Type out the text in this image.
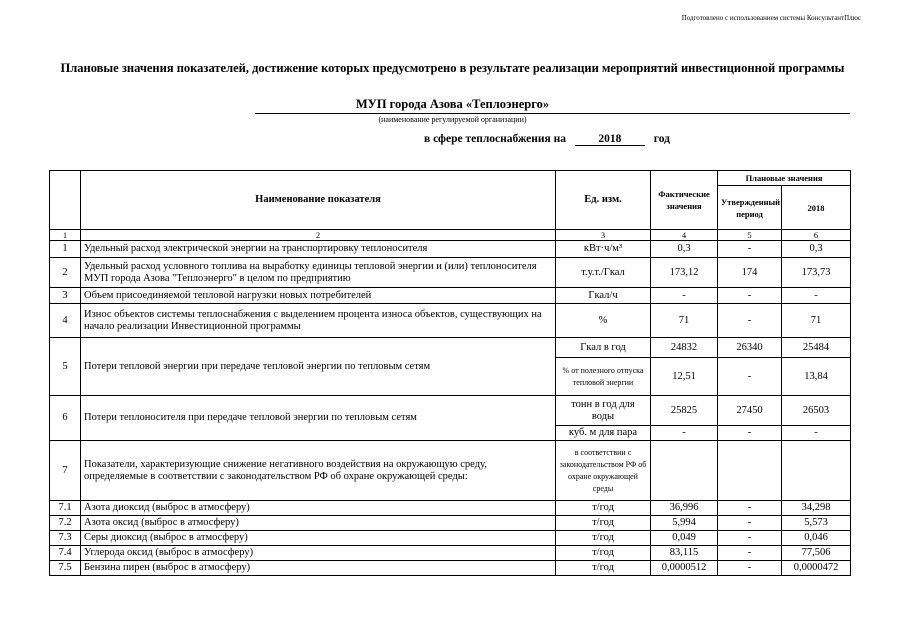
Подготовлено с использованием системы КонсультантПлюс
Плановые значения показателей, достижение которых предусмотрено в результате реализации мероприятий инвестиционной программы
МУП города Азова «Теплоэнерго»
(наименование регулируемой организации)
в сфере теплоснабжения на	2018	год
	Наименование показателя	Ед. изм.	Фактические значения	Плановые значения	
				Утвержденный период	2018
1	2	3	4	5	6
1	Удельный расход электрической энергии на транспортировку теплоносителя	кВт·ч/м³	0,3	-	0,3
2	Удельный расход условного топлива на выработку единицы тепловой энергии и (или) теплоносителя МУП города Азова "Теплоэнерго" в целом по предприятию	т.у.т./Гкал	173,12	174	173,73
3	Объем присоединяемой тепловой нагрузки новых потребителей	Гкал/ч	-	-	-
4	Износ объектов системы теплоснабжения с выделением процента износа объектов, существующих на начало реализации Инвестиционной программы	%	71	-	71
5	Потери тепловой энергии при передаче тепловой энергии по тепловым сетям	Гкал в год	24832	26340	25484
		% от полезного отпуска тепловой энергии	12,51	-	13,84
6	Потери теплоносителя при передаче тепловой энергии по тепловым сетям	тонн в год для воды	25825	27450	26503
		куб. м для пара	-	-	-
7	Показатели, характеризующие снижение негативного воздействия на окружающую среду, определяемые в соответствии с законодательством РФ об охране окружающей среды:	в соответствии с законодательством РФ об охране окружающей среды			
7.1	Азота диоксид (выброс в атмосферу)	т/год	36,996	-	34,298
7.2	Азота оксид (выброс в атмосферу)	т/год	5,994	-	5,573
7.3	Серы диоксид (выброс в атмосферу)	т/год	0,049	-	0,046
7.4	Углерода оксид (выброс в атмосферу)	т/год	83,115	-	77,506
7.5	Бензина пирен (выброс в атмосферу)	т/год	0,0000512	-	0,0000472
